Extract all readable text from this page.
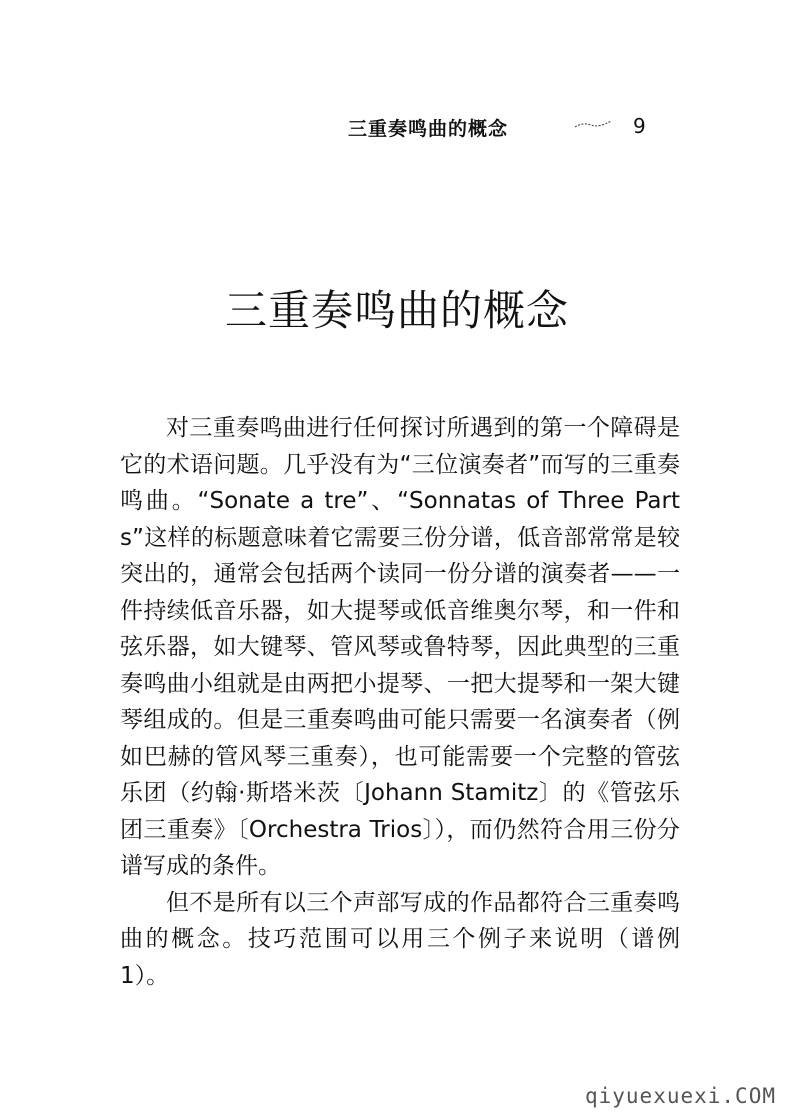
三重奏鸣曲的概念	9
三重奏鸣曲的概念

对三重奏鸣曲进行任何探讨所遇到的第一个障碍是它的术语问题。几乎没有为“三位演奏者”而写的三重奏鸣曲。“Sonate a tre”、“Sonnatas of Three Parts”这样的标题意味着它需要三份分谱，低音部常常是较突出的，通常会包括两个读同一份分谱的演奏者——一件持续低音乐器，如大提琴或低音维奥尔琴，和一件和弦乐器，如大键琴、管风琴或鲁特琴，因此典型的三重奏鸣曲小组就是由两把小提琴、一把大提琴和一架大键琴组成的。但是三重奏鸣曲可能只需要一名演奏者（例如巴赫的管风琴三重奏），也可能需要一个完整的管弦乐团（约翰·斯塔米茨〔Johann Stamitz〕的《管弦乐团三重奏》〔Orchestra Trios〕），而仍然符合用三份分谱写成的条件。

但不是所有以三个声部写成的作品都符合三重奏鸣曲的概念。技巧范围可以用三个例子来说明（谱例 1）。

qiyuexuexi.COM
